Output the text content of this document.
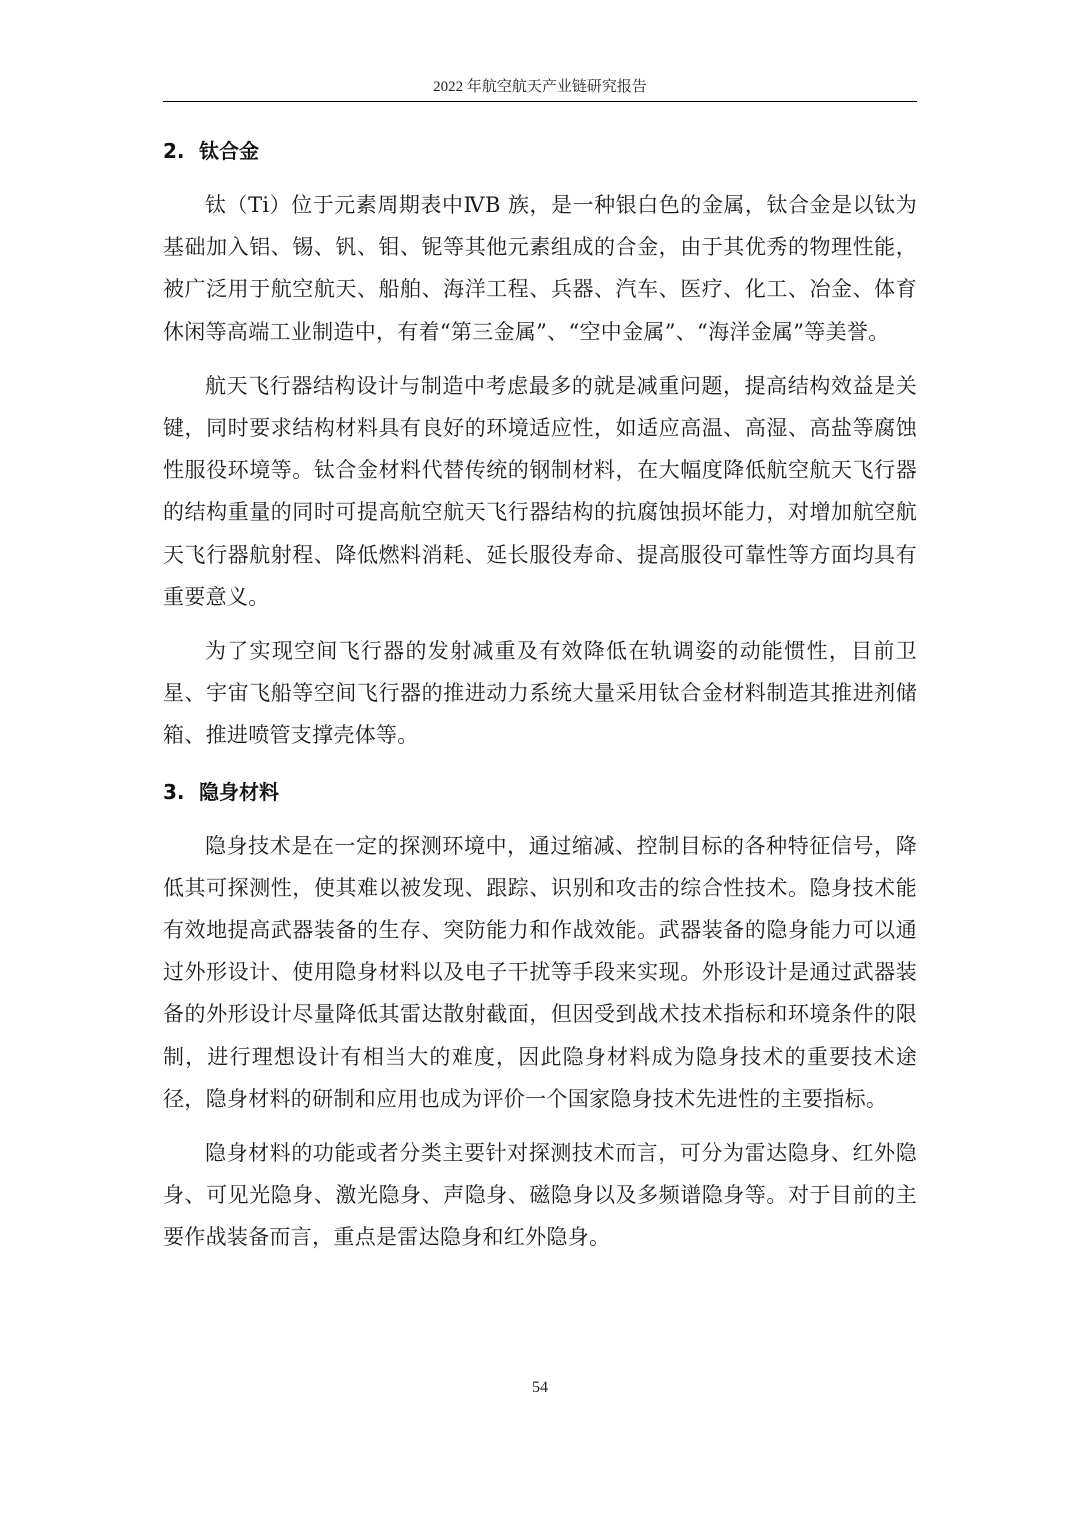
2022 年航空航天产业链研究报告
2. 钛合金

钛（Ti）位于元素周期表中ⅣB 族，是一种银白色的金属，钛合金是以钛为基础加入铝、锡、钒、钼、铌等其他元素组成的合金，由于其优秀的物理性能，被广泛用于航空航天、船舶、海洋工程、兵器、汽车、医疗、化工、冶金、体育休闲等高端工业制造中，有着“第三金属”、“空中金属”、“海洋金属”等美誉。

航天飞行器结构设计与制造中考虑最多的就是减重问题，提高结构效益是关键，同时要求结构材料具有良好的环境适应性，如适应高温、高湿、高盐等腐蚀性服役环境等。钛合金材料代替传统的钢制材料，在大幅度降低航空航天飞行器的结构重量的同时可提高航空航天飞行器结构的抗腐蚀损坏能力，对增加航空航天飞行器航射程、降低燃料消耗、延长服役寿命、提高服役可靠性等方面均具有重要意义。

为了实现空间飞行器的发射减重及有效降低在轨调姿的动能惯性，目前卫星、宇宙飞船等空间飞行器的推进动力系统大量采用钛合金材料制造其推进剂储箱、推进喷管支撑壳体等。

3. 隐身材料

隐身技术是在一定的探测环境中，通过缩减、控制目标的各种特征信号，降低其可探测性，使其难以被发现、跟踪、识别和攻击的综合性技术。隐身技术能有效地提高武器装备的生存、突防能力和作战效能。武器装备的隐身能力可以通过外形设计、使用隐身材料以及电子干扰等手段来实现。外形设计是通过武器装备的外形设计尽量降低其雷达散射截面，但因受到战术技术指标和环境条件的限制，进行理想设计有相当大的难度，因此隐身材料成为隐身技术的重要技术途径，隐身材料的研制和应用也成为评价一个国家隐身技术先进性的主要指标。

隐身材料的功能或者分类主要针对探测技术而言，可分为雷达隐身、红外隐身、可见光隐身、激光隐身、声隐身、磁隐身以及多频谱隐身等。对于目前的主要作战装备而言，重点是雷达隐身和红外隐身。

54
